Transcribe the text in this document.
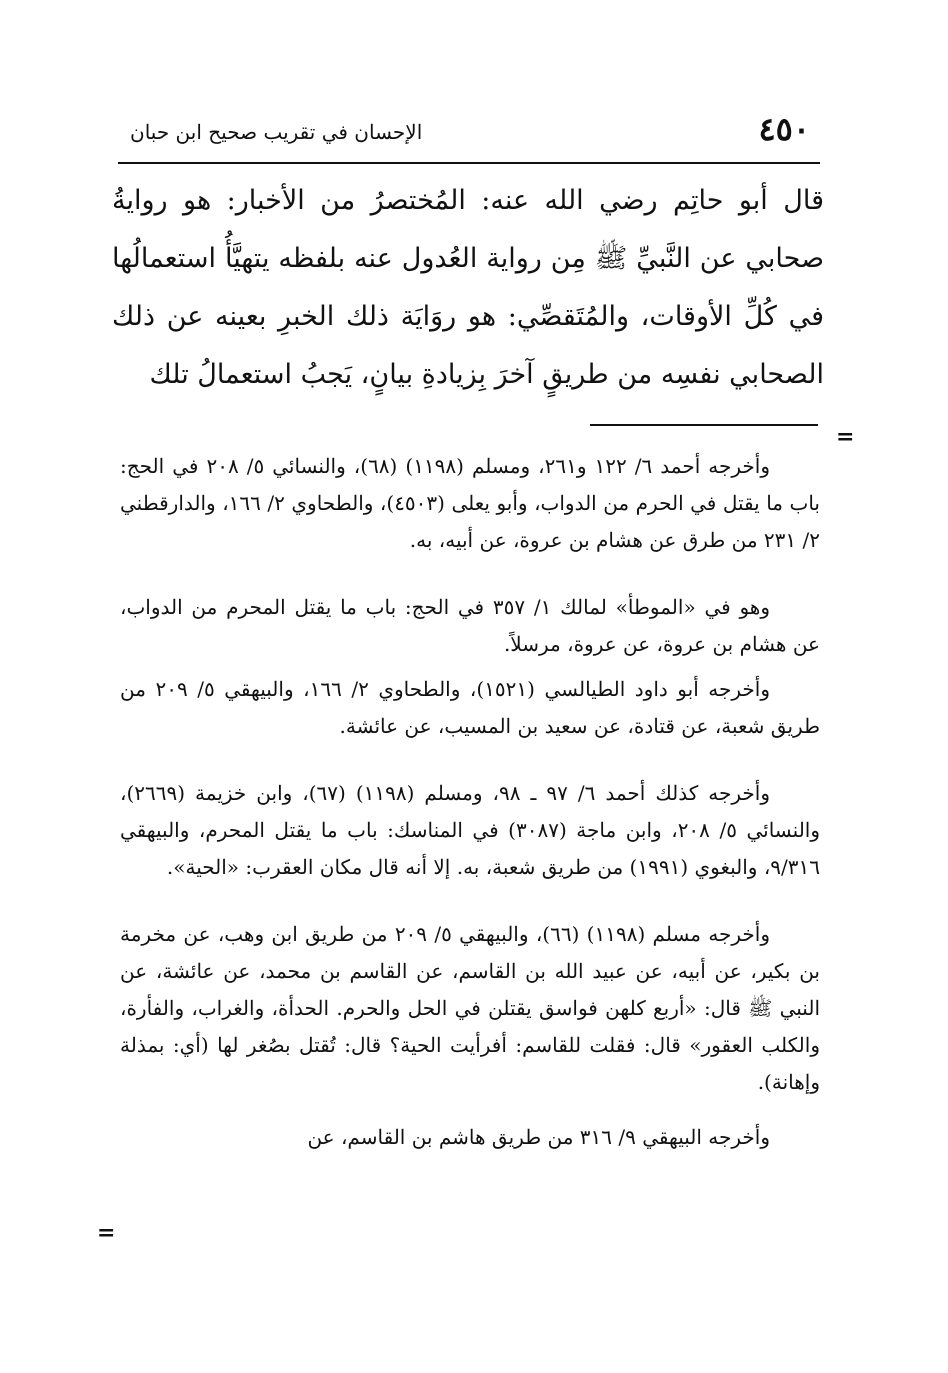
٤٥٠
الإحسان في تقريب صحيح ابن حبان

قال أبو حاتِم رضي الله عنه: المُختصرُ من الأخبار: هو روايةُ صحابي عن النَّبيِّ ﷺ مِن رواية العُدول عنه بلفظه يتهيَّأُ استعمالُها في كُلِّ الأوقات، والمُتَقصِّي: هو روَايَة ذلك الخبرِ بعينه عن ذلك الصحابي نفسِه من طريقٍ آخرَ بِزيادةِ بيانٍ، يَجبُ استعمالُ تلك

=

وأخرجه أحمد ٦/ ١٢٢ و٢٦١، ومسلم (١١٩٨) (٦٨)، والنسائي ٥/ ٢٠٨ في الحج: باب ما يقتل في الحرم من الدواب، وأبو يعلى (٤٥٠٣)، والطحاوي ٢/ ١٦٦، والدارقطني ٢/ ٢٣١ من طرق عن هشام بن عروة، عن أبيه، به.

وهو في «الموطأ» لمالك ١/ ٣٥٧ في الحج: باب ما يقتل المحرم من الدواب، عن هشام بن عروة، عن عروة، مرسلاً.

وأخرجه أبو داود الطيالسي (١٥٢١)، والطحاوي ٢/ ١٦٦، والبيهقي ٥/ ٢٠٩ من طريق شعبة، عن قتادة، عن سعيد بن المسيب، عن عائشة.

وأخرجه كذلك أحمد ٦/ ٩٧ ـ ٩٨، ومسلم (١١٩٨) (٦٧)، وابن خزيمة (٢٦٦٩)، والنسائي ٥/ ٢٠٨، وابن ماجة (٣٠٨٧) في المناسك: باب ما يقتل المحرم، والبيهقي ٩/٣١٦، والبغوي (١٩٩١) من طريق شعبة، به. إلا أنه قال مكان العقرب: «الحية».

وأخرجه مسلم (١١٩٨) (٦٦)، والبيهقي ٥/ ٢٠٩ من طريق ابن وهب، عن مخرمة بن بكير، عن أبيه، عن عبيد الله بن القاسم، عن القاسم بن محمد، عن عائشة، عن النبي ﷺ قال: «أربع كلهن فواسق يقتلن في الحل والحرم. الحدأة، والغراب، والفأرة، والكلب العقور» قال: فقلت للقاسم: أفرأيت الحية؟ قال: تُقتل بصُغر لها (أي: بمذلة وإهانة).

وأخرجه البيهقي ٩/ ٣١٦ من طريق هاشم بن القاسم، عن

=
